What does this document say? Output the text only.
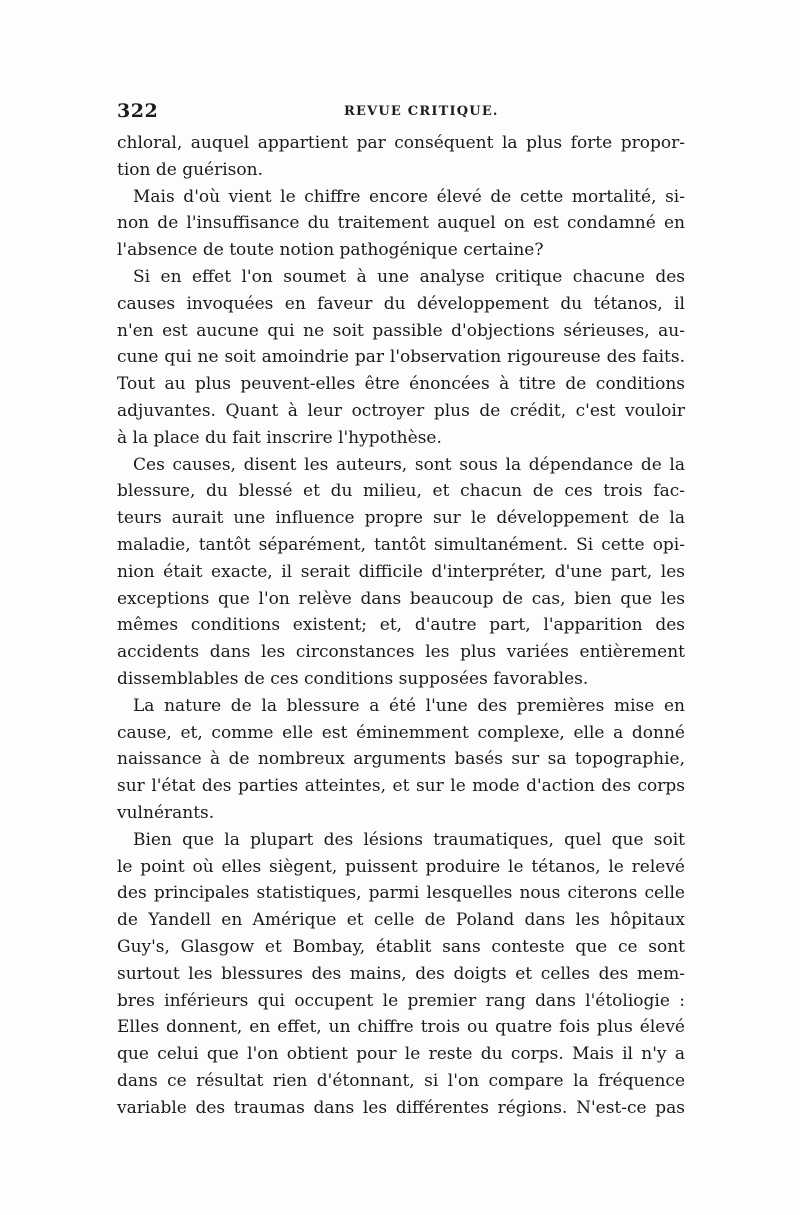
322	REVUE CRITIQUE.
chloral, auquel appartient par conséquent la plus forte propor-
tion de guérison.
Mais d'où vient le chiffre encore élevé de cette mortalité, si-
non de l'insuffisance du traitement auquel on est condamné en
l'absence de toute notion pathogénique certaine?
Si en effet l'on soumet à une analyse critique chacune des
causes invoquées en faveur du développement du tétanos, il
n'en est aucune qui ne soit passible d'objections sérieuses, au-
cune qui ne soit amoindrie par l'observation rigoureuse des faits.
Tout au plus peuvent-elles être énoncées à titre de conditions
adjuvantes. Quant à leur octroyer plus de crédit, c'est vouloir
à la place du fait inscrire l'hypothèse.
Ces causes, disent les auteurs, sont sous la dépendance de la
blessure, du blessé et du milieu, et chacun de ces trois fac-
teurs aurait une influence propre sur le développement de la
maladie, tantôt séparément, tantôt simultanément. Si cette opi-
nion était exacte, il serait difficile d'interpréter, d'une part, les
exceptions que l'on relève dans beaucoup de cas, bien que les
mêmes conditions existent; et, d'autre part, l'apparition des
accidents dans les circonstances les plus variées entièrement
dissemblables de ces conditions supposées favorables.
La nature de la blessure a été l'une des premières mise en
cause, et, comme elle est éminemment complexe, elle a donné
naissance à de nombreux arguments basés sur sa topographie,
sur l'état des parties atteintes, et sur le mode d'action des corps
vulnérants.
Bien que la plupart des lésions traumatiques, quel que soit
le point où elles siègent, puissent produire le tétanos, le relevé
des principales statistiques, parmi lesquelles nous citerons celle
de Yandell en Amérique et celle de Poland dans les hôpitaux
Guy's, Glasgow et Bombay, établit sans conteste que ce sont
surtout les blessures des mains, des doigts et celles des mem-
bres inférieurs qui occupent le premier rang dans l'étoliogie :
Elles donnent, en effet, un chiffre trois ou quatre fois plus élevé
que celui que l'on obtient pour le reste du corps. Mais il n'y a
dans ce résultat rien d'étonnant, si l'on compare la fréquence
variable des traumas dans les différentes régions. N'est-ce pas
